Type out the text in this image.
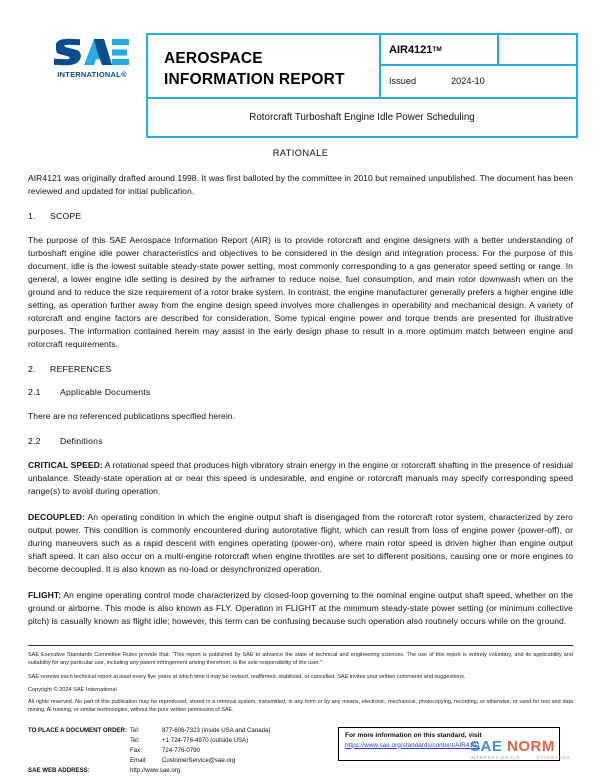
INTERNATIONAL®
AEROSPACE
INFORMATION REPORT
AIR4121 TM
Issued	2024-10
Rotorcraft Turboshaft Engine Idle Power Scheduling
RATIONALE

AIR4121 was originally drafted around 1998. It was first balloted by the committee in 2010 but remained unpublished. The document has been reviewed and updated for initial publication.

1. SCOPE

The purpose of this SAE Aerospace Information Report (AIR) is to provide rotorcraft and engine designers with a better understanding of turboshaft engine idle power characteristics and objectives to be considered in the design and integration process. For the purpose of this document, idle is the lowest suitable steady-state power setting, most commonly corresponding to a gas generator speed setting or range. In general, a lower engine idle setting is desired by the airframer to reduce noise, fuel consumption, and main rotor downwash when on the ground and to reduce the size requirement of a rotor brake system. In contrast, the engine manufacturer generally prefers a higher engine idle setting, as operation further away from the engine design speed involves more challenges in operability and mechanical design. A variety of rotorcraft and engine factors are described for consideration. Some typical engine power and torque trends are presented for illustrative purposes. The information contained herein may assist in the early design phase to result in a more optimum match between engine and rotorcraft requirements.

2. REFERENCES
2.1 Applicable Documents

There are no referenced publications specified herein.

2.2 Definitions

CRITICAL SPEED: A rotational speed that produces high vibratory strain energy in the engine or rotorcraft shafting in the presence of residual unbalance. Steady-state operation at or near this speed is undesirable, and engine or rotorcraft manuals may specify corresponding speed range(s) to avoid during operation.

DECOUPLED: An operating condition in which the engine output shaft is disengaged from the rotorcraft rotor system, characterized by zero output power. This condition is commonly encountered during autorotative flight, which can result from loss of engine power (power-off), or during maneuvers such as a rapid descent with engines operating (power-on), where main rotor speed is driven higher than engine output shaft speed. It can also occur on a multi-engine rotorcraft when engine throttles are set to different positions, causing one or more engines to become decoupled. It is also known as no-load or desynchronized operation.

FLIGHT: An engine operating control mode characterized by closed-loop governing to the nominal engine output shaft speed, whether on the ground or airborne. This mode is also known as FLY. Operation in FLIGHT at the minimum steady-state power setting (or minimum collective pitch) is casually known as flight idle; however, this term can be confusing because such operation also routinely occurs while on the ground.

SAE Executive Standards Committee Rules provide that: “This report is published by SAE to advance the state of technical and engineering sciences. The use of this report is entirely voluntary, and its applicability and suitability for any particular use, including any patent infringement arising therefrom, is the sole responsibility of the user.”

SAE reviews each technical report at least every five years at which time it may be revised, reaffirmed, stabilized, or cancelled. SAE invites your written comments and suggestions.

Copyright © 2024 SAE International

All rights reserved. No part of this publication may be reproduced, stored in a retrieval system, transmitted, in any form or by any means, electronic, mechanical, photocopying, recording, or otherwise, or used for text and data mining, AI training, or similar technologies, without the prior written permission of SAE.

TO PLACE A DOCUMENT ORDER: Tel:	877-606-7323 (inside USA and Canada)
Tel:	+1 724-776-4970 (outside USA)
Fax:	724-776-0790
Email:	CustomerService@sae.org
SAE WEB ADDRESS:	http://www.sae.org
For more information on this standard, visit
https://www.sae.org/standards/content/AIR4121
SAE NORM
INTERNATIONAL®	STANDARDS
